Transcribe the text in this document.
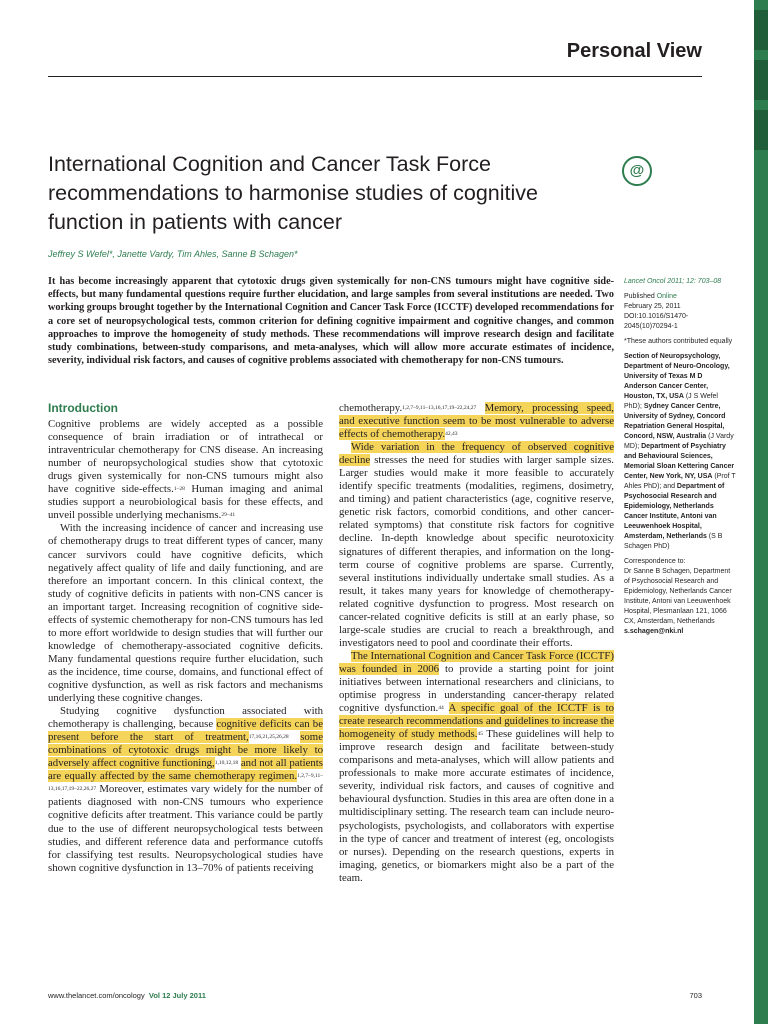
Personal View
International Cognition and Cancer Task Force recommendations to harmonise studies of cognitive function in patients with cancer
@
Jeffrey S Wefel*, Janette Vardy, Tim Ahles, Sanne B Schagen*

It has become increasingly apparent that cytotoxic drugs given systemically for non-CNS tumours might have cognitive side-effects, but many fundamental questions require further elucidation, and large samples from several institutions are needed. Two working groups brought together by the International Cognition and Cancer Task Force (ICCTF) developed recommendations for a core set of neuropsychological tests, common criterion for defining cognitive impairment and cognitive changes, and common approaches to improve the homogeneity of study methods. These recommendations will improve research design and facilitate study combinations, between-study comparisons, and meta-analyses, which will allow more accurate estimates of incidence, severity, individual risk factors, and causes of cognitive problems associated with chemotherapy for non-CNS tumours.

Introduction

Cognitive problems are widely accepted as a possible consequence of brain irradiation or of intrathecal or intraventricular chemotherapy for CNS disease. An increasing number of neuropsychological studies show that cytotoxic drugs given systemically for non-CNS tumours might also have cognitive side-effects.$^{1-28}$ Human imaging and animal studies support a neurobiological basis for these effects, and unveil possible underlying mechanisms.$^{29-41}$

With the increasing incidence of cancer and increasing use of chemotherapy drugs to treat different types of cancer, many cancer survivors could have cognitive deficits, which negatively affect quality of life and daily functioning, and are therefore an important concern. In this clinical context, the study of cognitive deficits in patients with non-CNS cancer is an important target. Increasing recognition of cognitive side-effects of systemic chemotherapy for non-CNS tumours has led to more effort worldwide to design studies that will further our knowledge of chemotherapy-associated cognitive deficits. Many fundamental questions require further elucidation, such as the incidence, time course, domains, and functional effect of cognitive dysfunction, as well as risk factors and mechanisms underlying these cognitive changes.

Studying cognitive dysfunction associated with chemotherapy is challenging, because cognitive deficits can be present before the start of treatment,$^{17,16,21,25,26,28}$ some combinations of cytotoxic drugs might be more likely to adversely affect cognitive functioning,$^{1,10,12,18}$ and not all patients are equally affected by the same chemotherapy regimen.$^{1,2,7-9,11-13,16,17,19-22,26,27}$ Moreover, estimates vary widely for the number of patients diagnosed with non-CNS tumours who experience cognitive deficits after treatment. This variance could be partly due to the use of different neuropsychological tests between studies, and different reference data and performance cutoffs for classifying test results. Neuropsychological studies have shown cognitive dysfunction in 13–70% of patients receiving

chemotherapy.$^{1,2,7-9,11-13,16,17,19-22,24,27}$ Memory, processing speed, and executive function seem to be most vulnerable to adverse effects of chemotherapy.$^{42,43}$

Wide variation in the frequency of observed cognitive decline stresses the need for studies with larger sample sizes. Larger studies would make it more feasible to accurately identify specific treatments (modalities, regimens, dosimetry, and timing) and patient characteristics (age, cognitive reserve, genetic risk factors, comorbid conditions, and other cancer-related symptoms) that constitute risk factors for cognitive decline. In-depth knowledge about specific neurotoxicity signatures of different therapies, and information on the long-term course of cognitive problems are sparse. Currently, several institutions individually undertake small studies. As a result, it takes many years for knowledge of chemotherapy-related cognitive dysfunction to progress. Most research on cancer-related cognitive deficits is still at an early phase, so large-scale studies are crucial to reach a breakthrough, and investigators need to pool and coordinate their efforts.

The International Cognition and Cancer Task Force (ICCTF) was founded in 2006 to provide a starting point for joint initiatives between international researchers and clinicians, to optimise progress in understanding cancer-therapy related cognitive dysfunction.$^{44}$ A specific goal of the ICCTF is to create research recommendations and guidelines to increase the homogeneity of study methods.$^{45}$ These guidelines will help to improve research design and facilitate between-study comparisons and meta-analyses, which will allow patients and professionals to make more accurate estimates of incidence, severity, individual risk factors, and causes of cognitive and behavioural dysfunction. Studies in this area are often done in a multidisciplinary setting. The research team can include neuro-psychologists, psychologists, and collaborators with expertise in the type of cancer and treatment of interest (eg, oncologists or nurses). Depending on the research questions, experts in imaging, genetics, or biomarkers might also be a part of the team.

Lancet Oncol 2011; 12: 703–08

Published Online
February 25, 2011
DOI:10.1016/S1470-2045(10)70294-1

*These authors contributed equally

Section of Neuropsychology, Department of Neuro-Oncology, University of Texas M D Anderson Cancer Center, Houston, TX, USA (J S Wefel PhD); Sydney Cancer Centre, University of Sydney, Concord Repatriation General Hospital, Concord, NSW, Australia (J Vardy MD); Department of Psychiatry and Behavioural Sciences, Memorial Sloan Kettering Cancer Center, New York, NY, USA (Prof T Ahles PhD); and Department of Psychosocial Research and Epidemiology, Netherlands Cancer Institute, Antoni van Leeuwenhoek Hospital, Amsterdam, Netherlands (S B Schagen PhD)

Correspondence to:
Dr Sanne B Schagen, Department of Psychosocial Research and Epidemiology, Netherlands Cancer Institute, Antoni van Leeuwenhoek Hospital, Plesmanlaan 121, 1066 CX, Amsterdam, Netherlands
s.schagen@nki.nl

www.thelancet.com/oncology Vol 12 July 2011	703
